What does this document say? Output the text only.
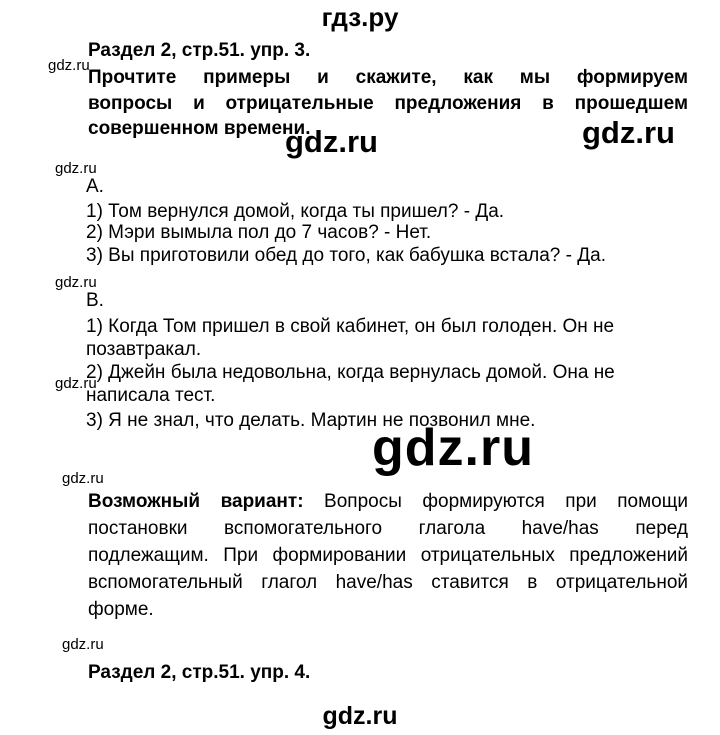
гдз.ру
Раздел 2, стр.51. упр. 3.
gdz.ru
Прочтите примеры и скажите, как мы формируем
вопросы и отрицательные предложения в прошедшем
совершенном времени.
gdz.ru	gdz.ru
gdz.ru
A.
1) Том вернулся домой, когда ты пришел? - Да.
2) Мэри вымыла пол до 7 часов? - Нет.
3) Вы приготовили обед до того, как бабушка встала? - Да.
gdz.ru
B.
1) Когда Том пришел в свой кабинет, он был голоден. Он не
позавтракал.
2) Джейн была недовольна, когда вернулась домой. Она не
gdz.ru
написала тест.
3) Я не знал, что делать. Мартин не позвонил мне.
gdz.ru
gdz.ru
Возможный вариант: Вопросы формируются при помощи
постановки вспомогательного глагола have/has перед
подлежащим. При формировании отрицательных предложений
вспомогательный глагол have/has ставится в отрицательной
форме.
gdz.ru
Раздел 2, стр.51. упр. 4.
gdz.ru
